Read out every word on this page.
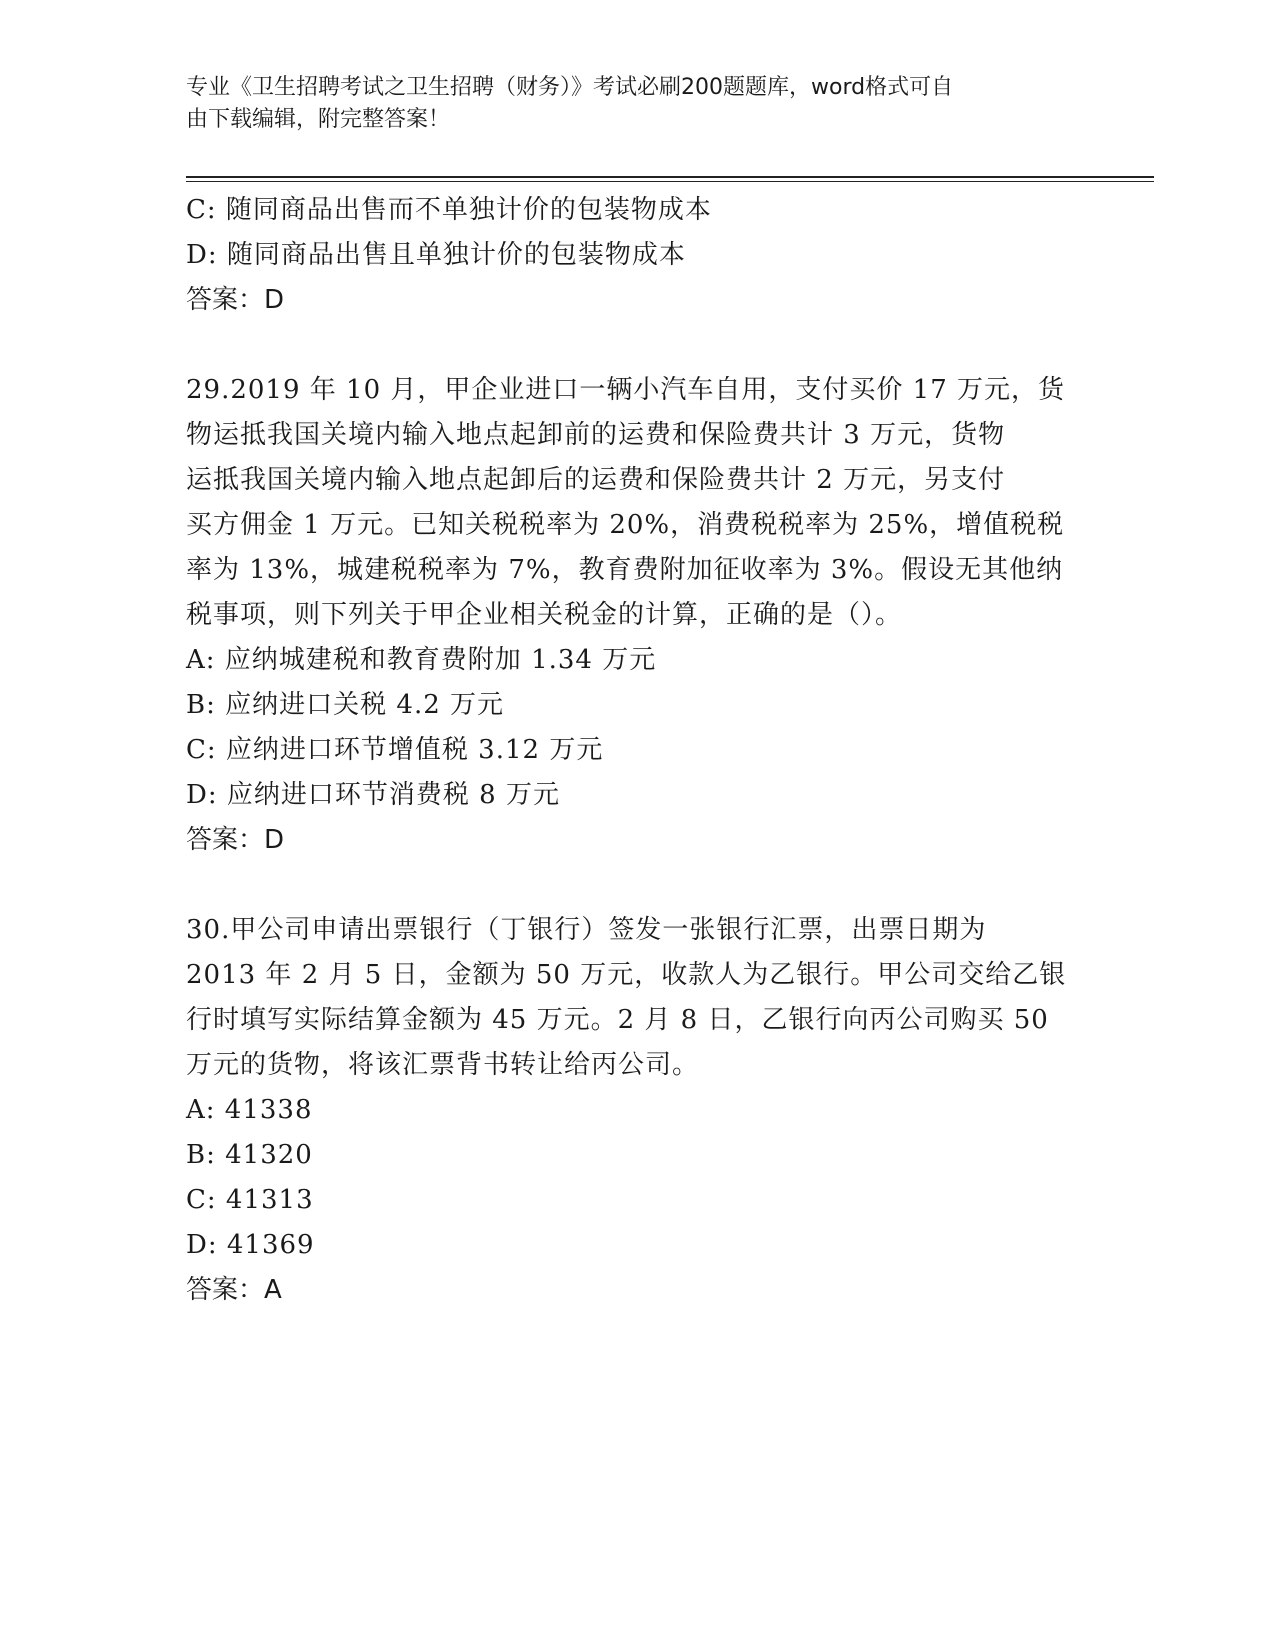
专业《卫生招聘考试之卫生招聘（财务）》考试必刷200题题库，word格式可自
由下载编辑，附完整答案！
C: 随同商品出售而不单独计价的包装物成本
D: 随同商品出售且单独计价的包装物成本
答案：D
29.2019 年 10 月，甲企业进口一辆小汽车自用，支付买价 17 万元，货
物运抵我国关境内输入地点起卸前的运费和保险费共计 3 万元，货物
运抵我国关境内输入地点起卸后的运费和保险费共计 2 万元，另支付
买方佣金 1 万元。已知关税税率为 20%，消费税税率为 25%，增值税税
率为 13%，城建税税率为 7%，教育费附加征收率为 3%。假设无其他纳
税事项，则下列关于甲企业相关税金的计算，正确的是（）。
A: 应纳城建税和教育费附加 1.34 万元
B: 应纳进口关税 4.2 万元
C: 应纳进口环节增值税 3.12 万元
D: 应纳进口环节消费税 8 万元
答案：D
30.甲公司申请出票银行（丁银行）签发一张银行汇票，出票日期为
2013 年 2 月 5 日，金额为 50 万元，收款人为乙银行。甲公司交给乙银
行时填写实际结算金额为 45 万元。2 月 8 日，乙银行向丙公司购买 50
万元的货物，将该汇票背书转让给丙公司。
A: 41338
B: 41320
C: 41313
D: 41369
答案：A
